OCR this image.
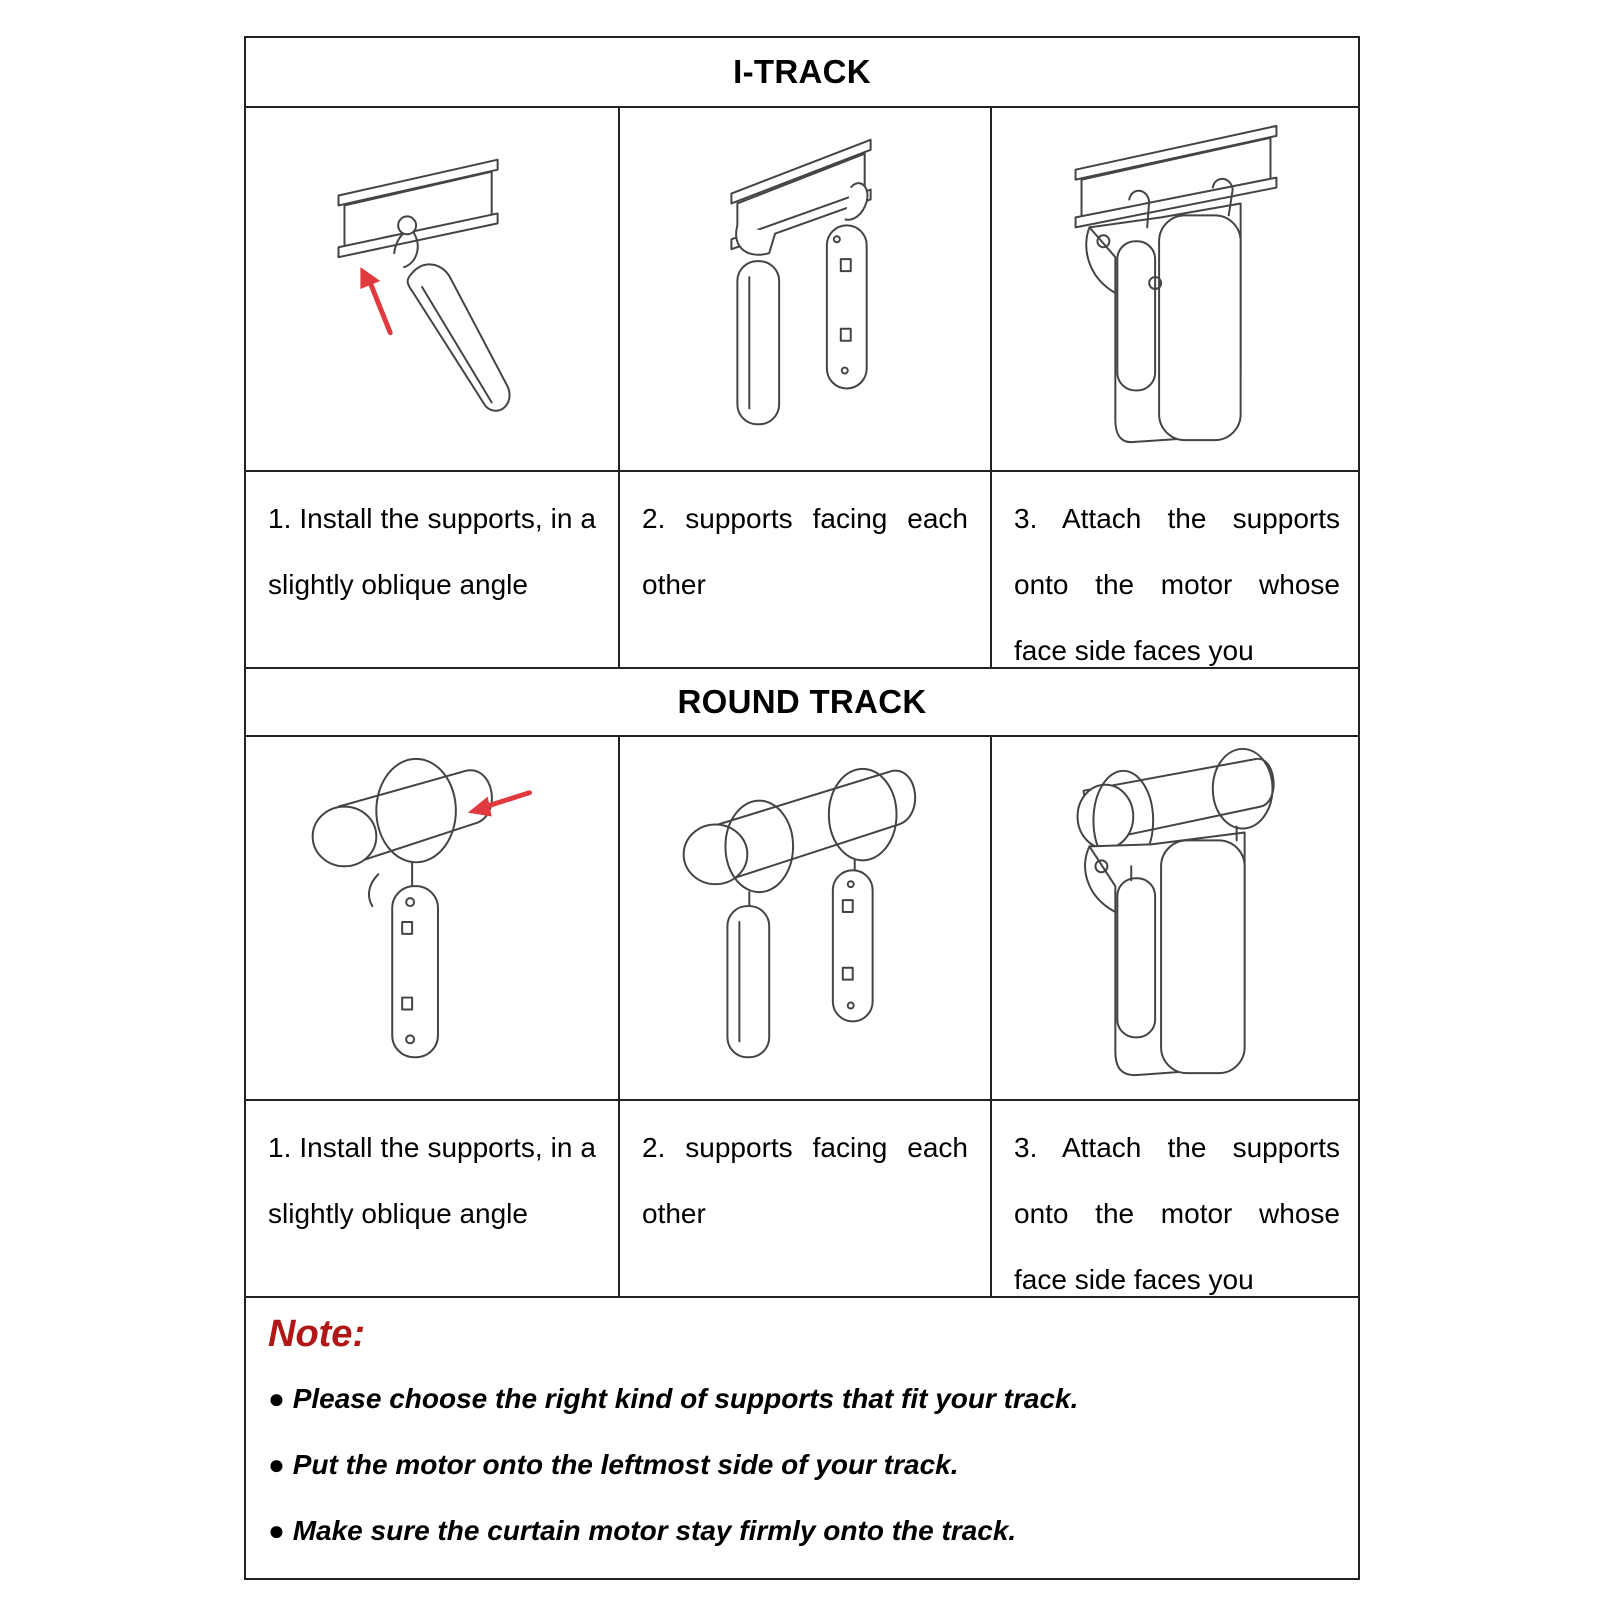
I-TRACK
1. Install the supports, in a slightly oblique angle
2. supports facing each other
3. Attach the supports onto the motor whose face side faces you
ROUND TRACK
1. Install the supports, in a slightly oblique angle
2. supports facing each other
3. Attach the supports onto the motor whose face side faces you
Note:
● Please choose the right kind of supports that fit your track.
● Put the motor onto the leftmost side of your track.
● Make sure the curtain motor stay firmly onto the track.
